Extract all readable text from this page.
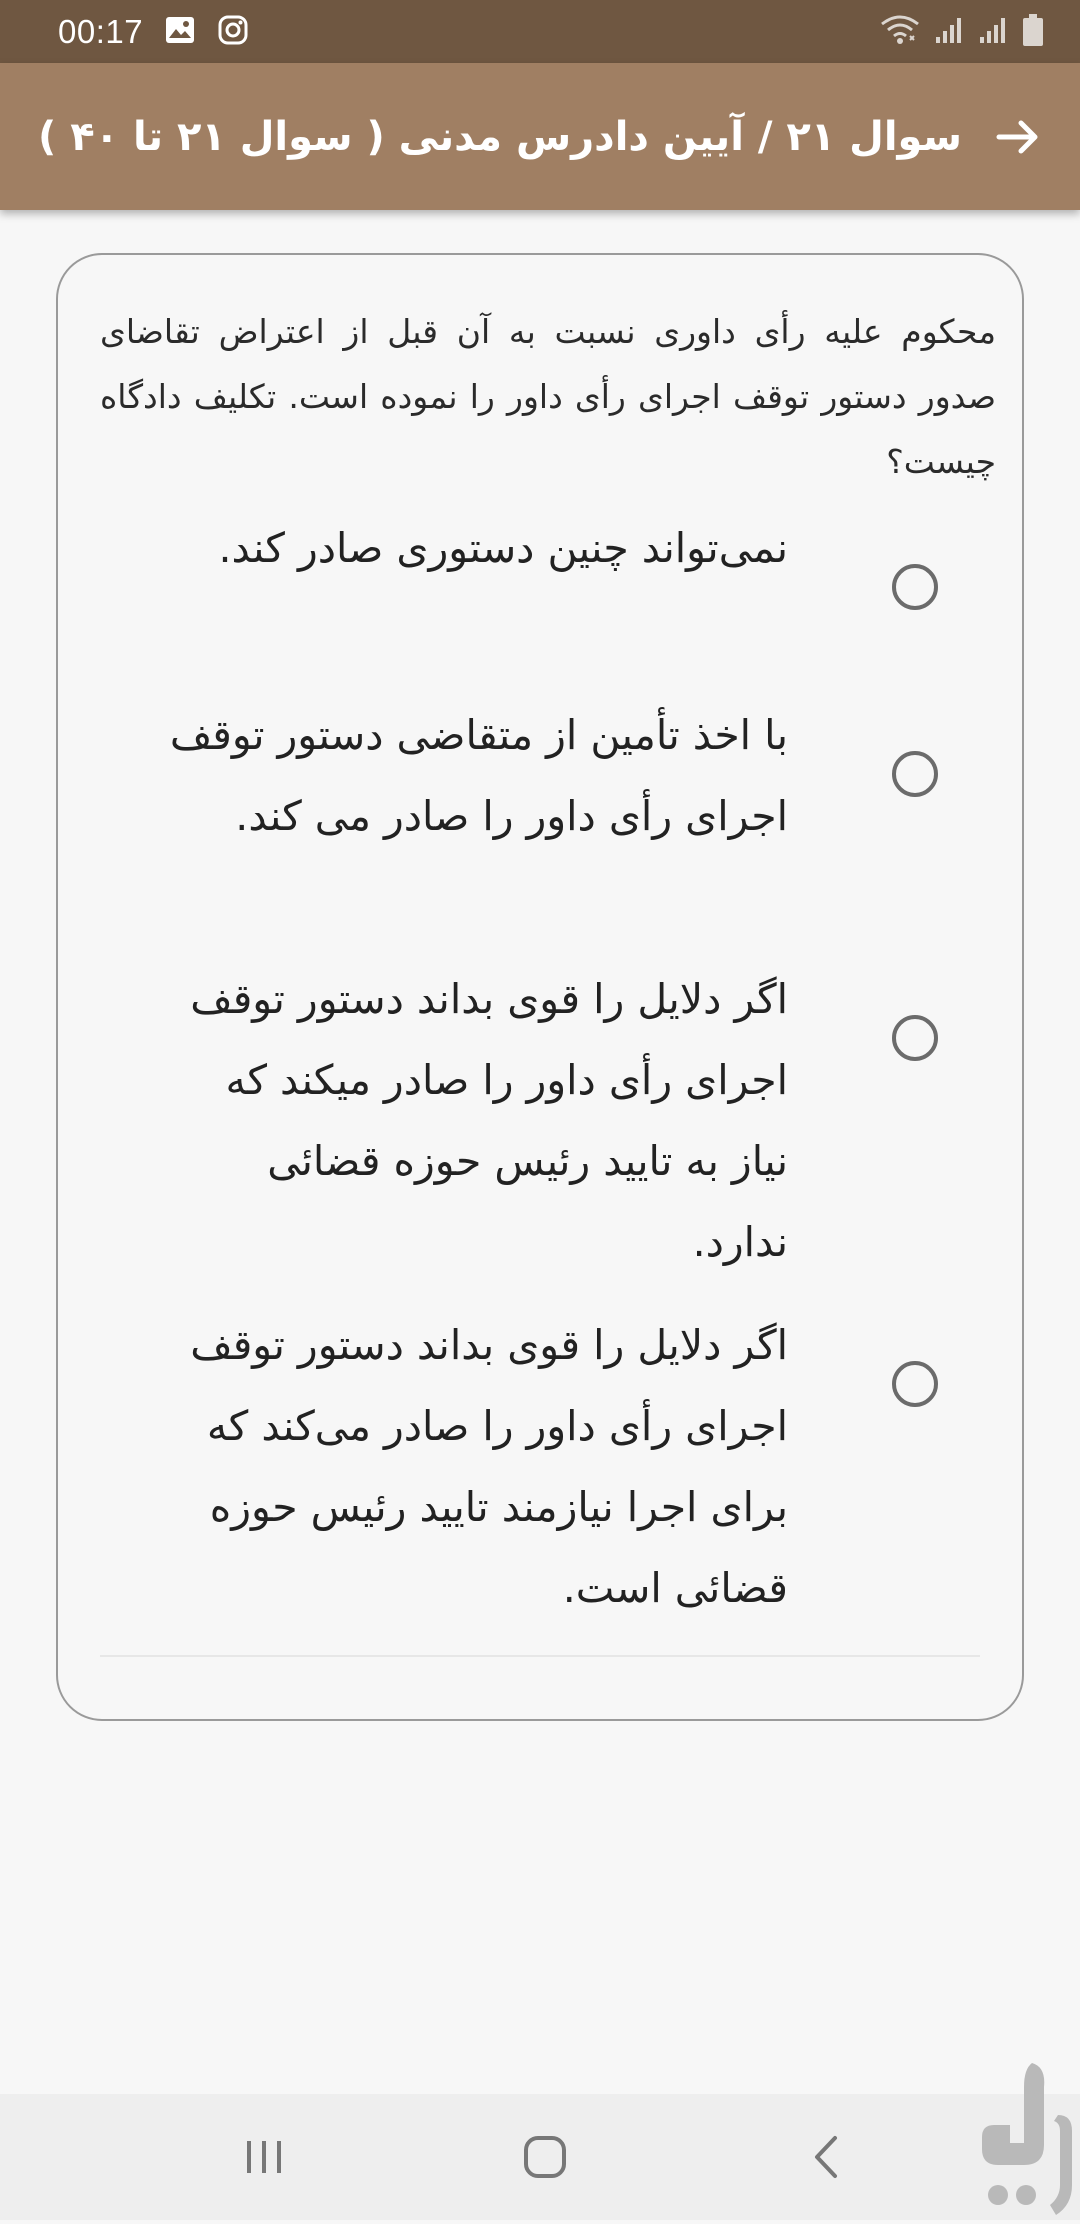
00:17
سوال ۲۱ / آیین دادرس مدنی ( سوال ۲۱ تا ۴۰ )
محکوم علیه رأی داوری نسبت به آن قبل از اعتراض تقاضای صدور دستور توقف اجرای رأی داور را نموده است. تکلیف دادگاه چیست؟
نمی‌تواند چنین دستوری صادر کند.
با اخذ تأمین از متقاضی دستور توقف اجرای رأی داور را صادر می کند.
اگر دلایل را قوی بداند دستور توقف اجرای رأی داور را صادر میکند که نیاز به تایید رئیس حوزه قضائی ندارد.
اگر دلایل را قوی بداند دستور توقف اجرای رأی داور را صادر می‌کند که برای اجرا نیازمند تایید رئیس حوزه قضائی است.
